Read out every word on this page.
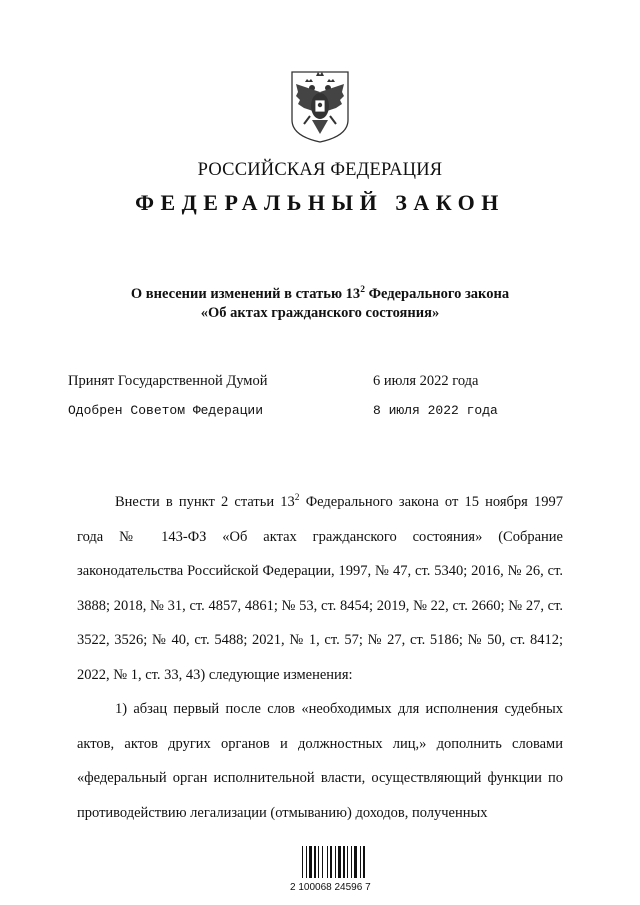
РОССИЙСКАЯ ФЕДЕРАЦИЯ
ФЕДЕРАЛЬНЫЙ ЗАКОН
О внесении изменений в статью $13^2$ Федерального закона
«Об актах гражданского состояния»
Принят Государственной Думой	6 июля 2022 года
Одобрен Советом Федерации	8 июля 2022 года

Внести в пункт 2 статьи $13^2$ Федерального закона от 15 ноября 1997 года № 143-ФЗ «Об актах гражданского состояния» (Собрание законодательства Российской Федерации, 1997, № 47, ст. 5340; 2016, № 26, ст. 3888; 2018, № 31, ст. 4857, 4861; № 53, ст. 8454; 2019, № 22, ст. 2660; № 27, ст. 3522, 3526; № 40, ст. 5488; 2021, № 1, ст. 57; № 27, ст. 5186; № 50, ст. 8412; 2022, № 1, ст. 33, 43) следующие изменения:

1) абзац первый после слов «необходимых для исполнения судебных актов, актов других органов и должностных лиц,» дополнить словами «федеральный орган исполнительной власти, осуществляющий функции по противодействию легализации (отмыванию) доходов, полученных

2 100068 24596 7
